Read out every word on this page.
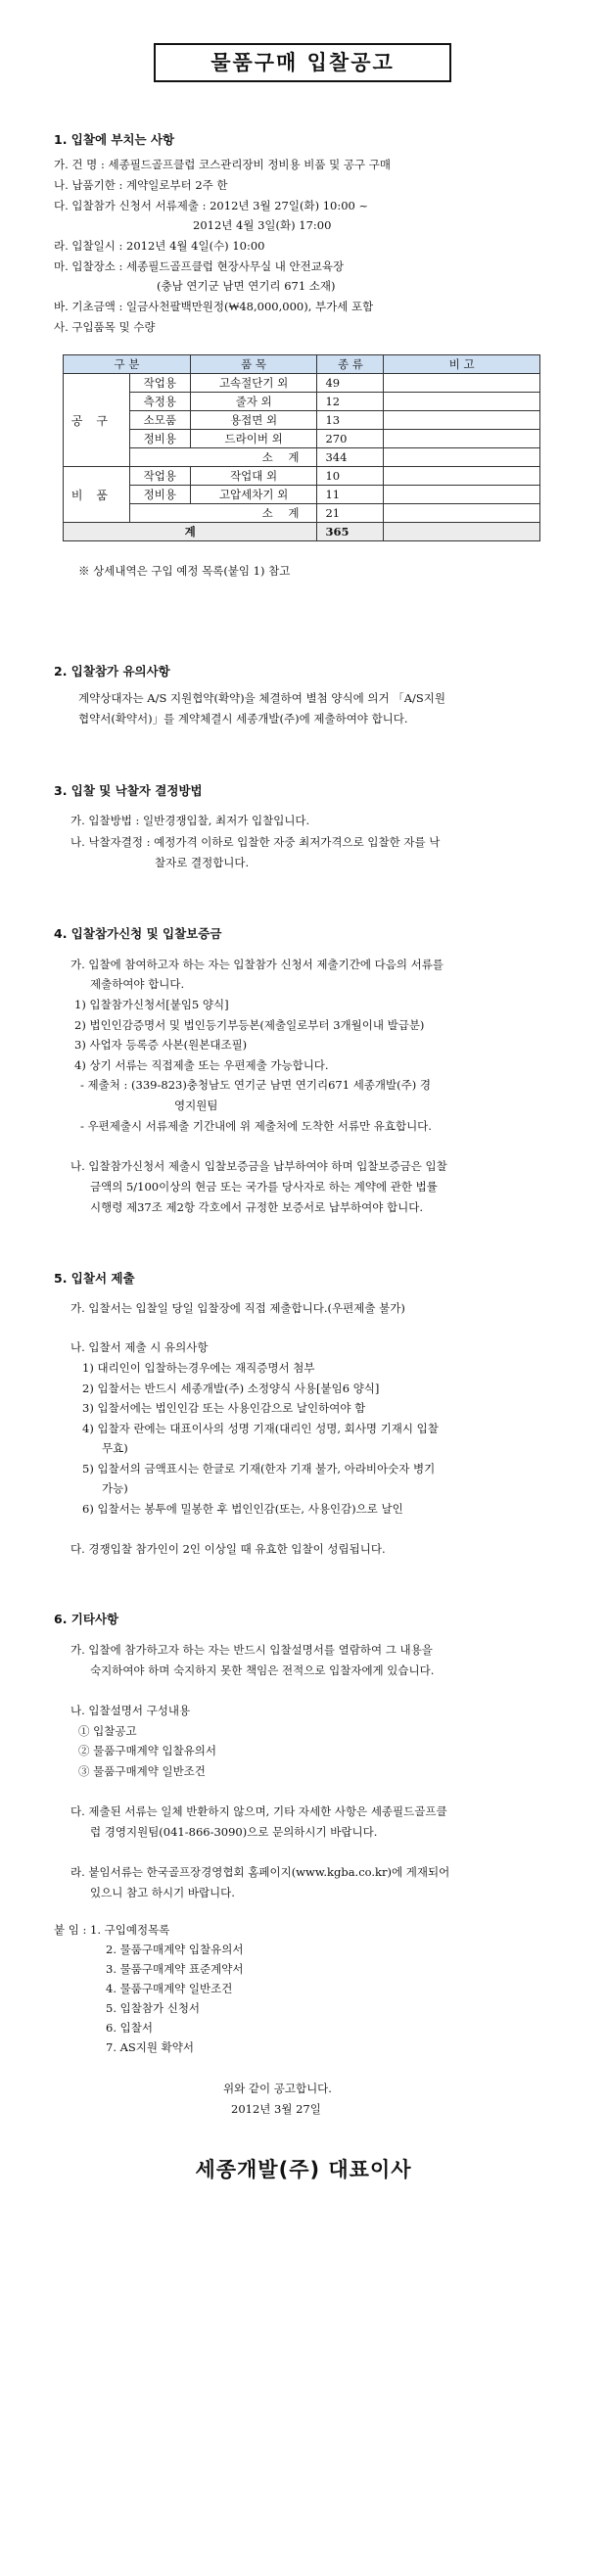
물품구매 입찰공고
1. 입찰에 부치는 사항
가. 건 명 : 세종필드골프클럽 코스관리장비 정비용 비품 및 공구 구매
나. 납품기한 : 계약일로부터 2주 한
다. 입찰참가 신청서 서류제출 : 2012년 3월 27일(화) 10:00 ~
2012년 4월 3일(화) 17:00
라. 입찰일시 : 2012년 4월 4일(수) 10:00
마. 입찰장소 : 세종필드골프클럽 현장사무실 내 안전교육장
(충남 연기군 남면 연기리 671 소재)
바. 기초금액 : 일금사천팔백만원정(₩48,000,000), 부가세 포함
사. 구입품목 및 수량
구 분		품 목	종 류	비 고
공구	작업용	고속절단기 외	49	
	측정용	줄자 외	12	
	소모품	용접면 외	13	
	정비용	드라이버 외	270	
	소 계		344	
비품	작업용	작업대 외	10	
	정비용	고압세차기 외	11	
	소 계		21	
계			365	
※ 상세내역은 구입 예정 목록(붙임 1) 참고
2. 입찰참가 유의사항
계약상대자는 A/S 지원협약(확약)을 체결하여 별첨 양식에 의거 「A/S지원
협약서(확약서)」를 계약체결시 세종개발(주)에 제출하여야 합니다.
3. 입찰 및 낙찰자 결정방법
가. 입찰방법 : 일반경쟁입찰, 최저가 입찰입니다.
나. 낙찰자결정 : 예정가격 이하로 입찰한 자중 최저가격으로 입찰한 자를 낙
찰자로 결정합니다.
4. 입찰참가신청 및 입찰보증금
가. 입찰에 참여하고자 하는 자는 입찰참가 신청서 제출기간에 다음의 서류를
제출하여야 합니다.
1) 입찰참가신청서[붙임5 양식]
2) 법인인감증명서 및 법인등기부등본(제출일로부터 3개월이내 발급분)
3) 사업자 등록증 사본(원본대조필)
4) 상기 서류는 직접제출 또는 우편제출 가능합니다.
- 제출처 : (339-823)충청남도 연기군 남면 연기리671 세종개발(주) 경
영지원팀
- 우편제출시 서류제출 기간내에 위 제출처에 도착한 서류만 유효합니다.
나. 입찰참가신청서 제출시 입찰보증금을 납부하여야 하며 입찰보증금은 입찰
금액의 5/100이상의 현금 또는 국가를 당사자로 하는 계약에 관한 법률
시행령 제37조 제2항 각호에서 규정한 보증서로 납부하여야 합니다.
5. 입찰서 제출
가. 입찰서는 입찰일 당일 입찰장에 직접 제출합니다.(우편제출 불가)
나. 입찰서 제출 시 유의사항
1) 대리인이 입찰하는경우에는 재직증명서 첨부
2) 입찰서는 반드시 세종개발(주) 소정양식 사용[붙임6 양식]
3) 입찰서에는 법인인감 또는 사용인감으로 날인하여야 함
4) 입찰자 란에는 대표이사의 성명 기재(대리인 성명, 회사명 기재시 입찰
무효)
5) 입찰서의 금액표시는 한글로 기재(한자 기재 불가, 아라비아숫자 병기
가능)
6) 입찰서는 봉투에 밀봉한 후 법인인감(또는, 사용인감)으로 날인
다. 경쟁입찰 참가인이 2인 이상일 때 유효한 입찰이 성립됩니다.
6. 기타사항
가. 입찰에 참가하고자 하는 자는 반드시 입찰설명서를 열람하여 그 내용을
숙지하여야 하며 숙지하지 못한 책임은 전적으로 입찰자에게 있습니다.
나. 입찰설명서 구성내용
① 입찰공고
② 물품구매계약 입찰유의서
③ 물품구매계약 일반조건
다. 제출된 서류는 일체 반환하지 않으며, 기타 자세한 사항은 세종필드골프클
럽 경영지원팀(041-866-3090)으로 문의하시기 바랍니다.
라. 붙임서류는 한국골프장경영협회 홈페이지(www.kgba.co.kr)에 게재되어
있으니 참고 하시기 바랍니다.
붙 임 : 1. 구입예정목록
2. 물품구매계약 입찰유의서
3. 물품구매계약 표준계약서
4. 물품구매계약 일반조건
5. 입찰참가 신청서
6. 입찰서
7. AS지원 확약서
위와 같이 공고합니다.
2012년 3월 27일
세종개발(주) 대표이사
